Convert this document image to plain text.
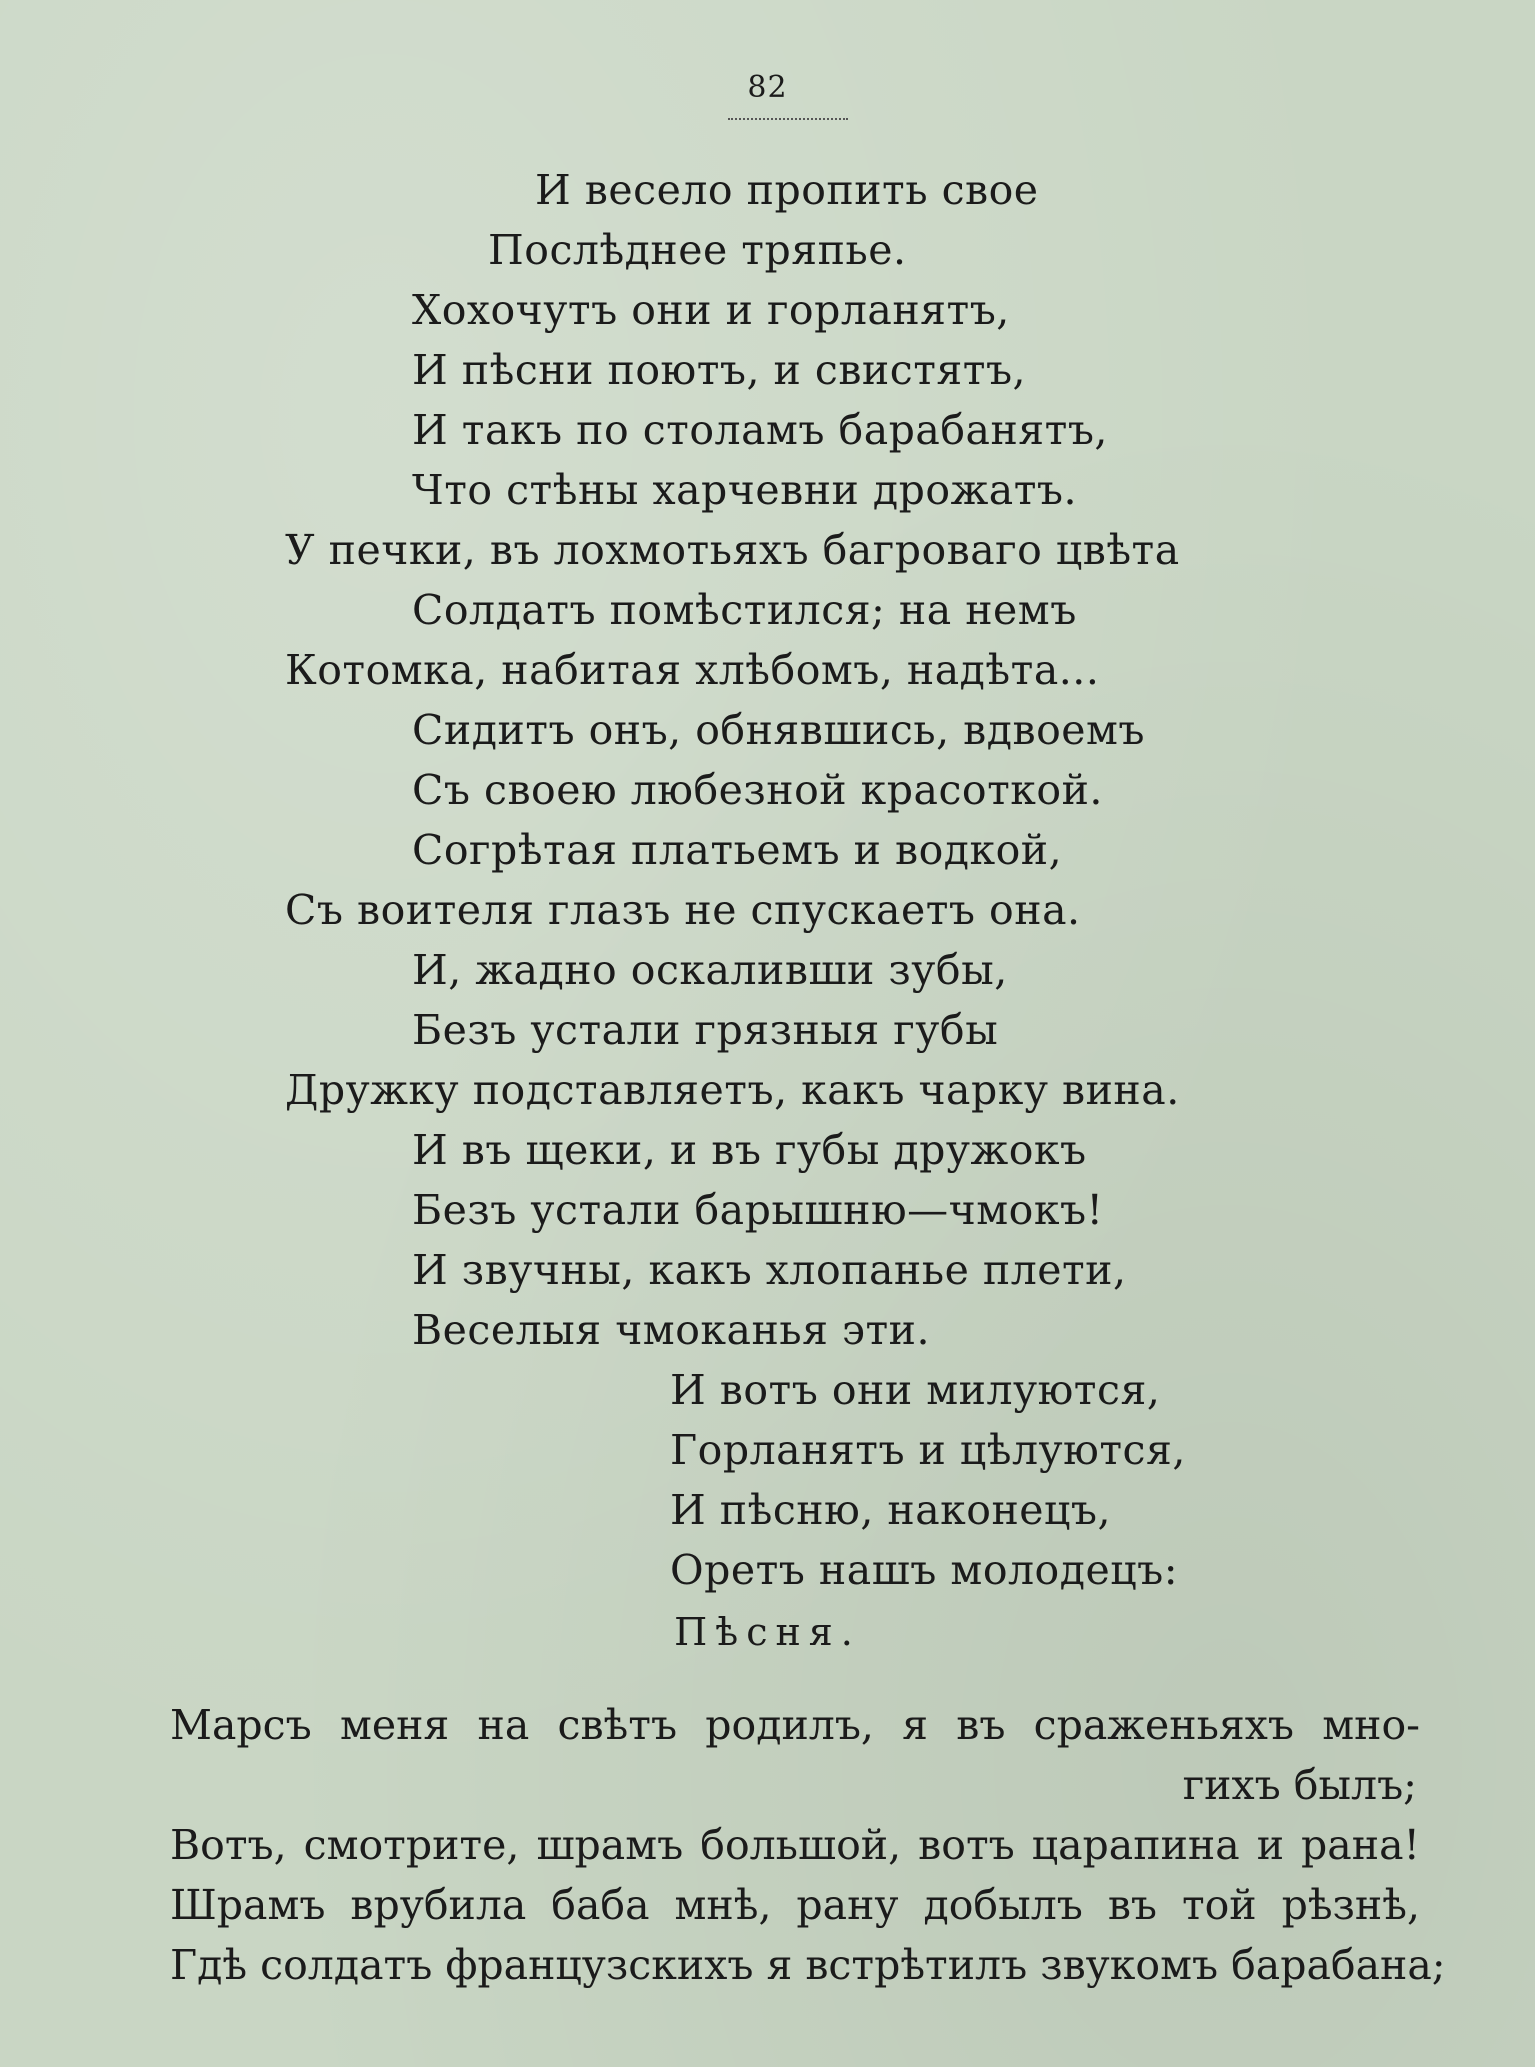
82
И весело пропить свое
Послѣднее тряпье.
Хохочутъ они и горланятъ,
И пѣсни поютъ, и свистятъ,
И такъ по столамъ барабанятъ,
Что стѣны харчевни дрожатъ.
У печки, въ лохмотьяхъ багроваго цвѣта
Солдатъ помѣстился; на немъ
Котомка, набитая хлѣбомъ, надѣта...
Сидитъ онъ, обнявшись, вдвоемъ
Съ своею любезной красоткой.
Согрѣтая платьемъ и водкой,
Съ воителя глазъ не спускаетъ она.
И, жадно оскаливши зубы,
Безъ устали грязныя губы
Дружку подставляетъ, какъ чарку вина.
И въ щеки, и въ губы дружокъ
Безъ устали барышню—чмокъ!
И звучны, какъ хлопанье плети,
Веселыя чмоканья эти.
И вотъ они милуются,
Горланятъ и цѣлуются,
И пѣсню, наконецъ,
Оретъ нашъ молодецъ:
Пѣсня.
Марсъ меня на свѣтъ родилъ, я въ сраженьяхъ мно-
гихъ былъ;
Вотъ, смотрите, шрамъ большой, вотъ царапина и рана!
Шрамъ врубила баба мнѣ, рану добылъ въ той рѣзнѣ,
Гдѣ солдатъ французскихъ я встрѣтилъ звукомъ барабана;
